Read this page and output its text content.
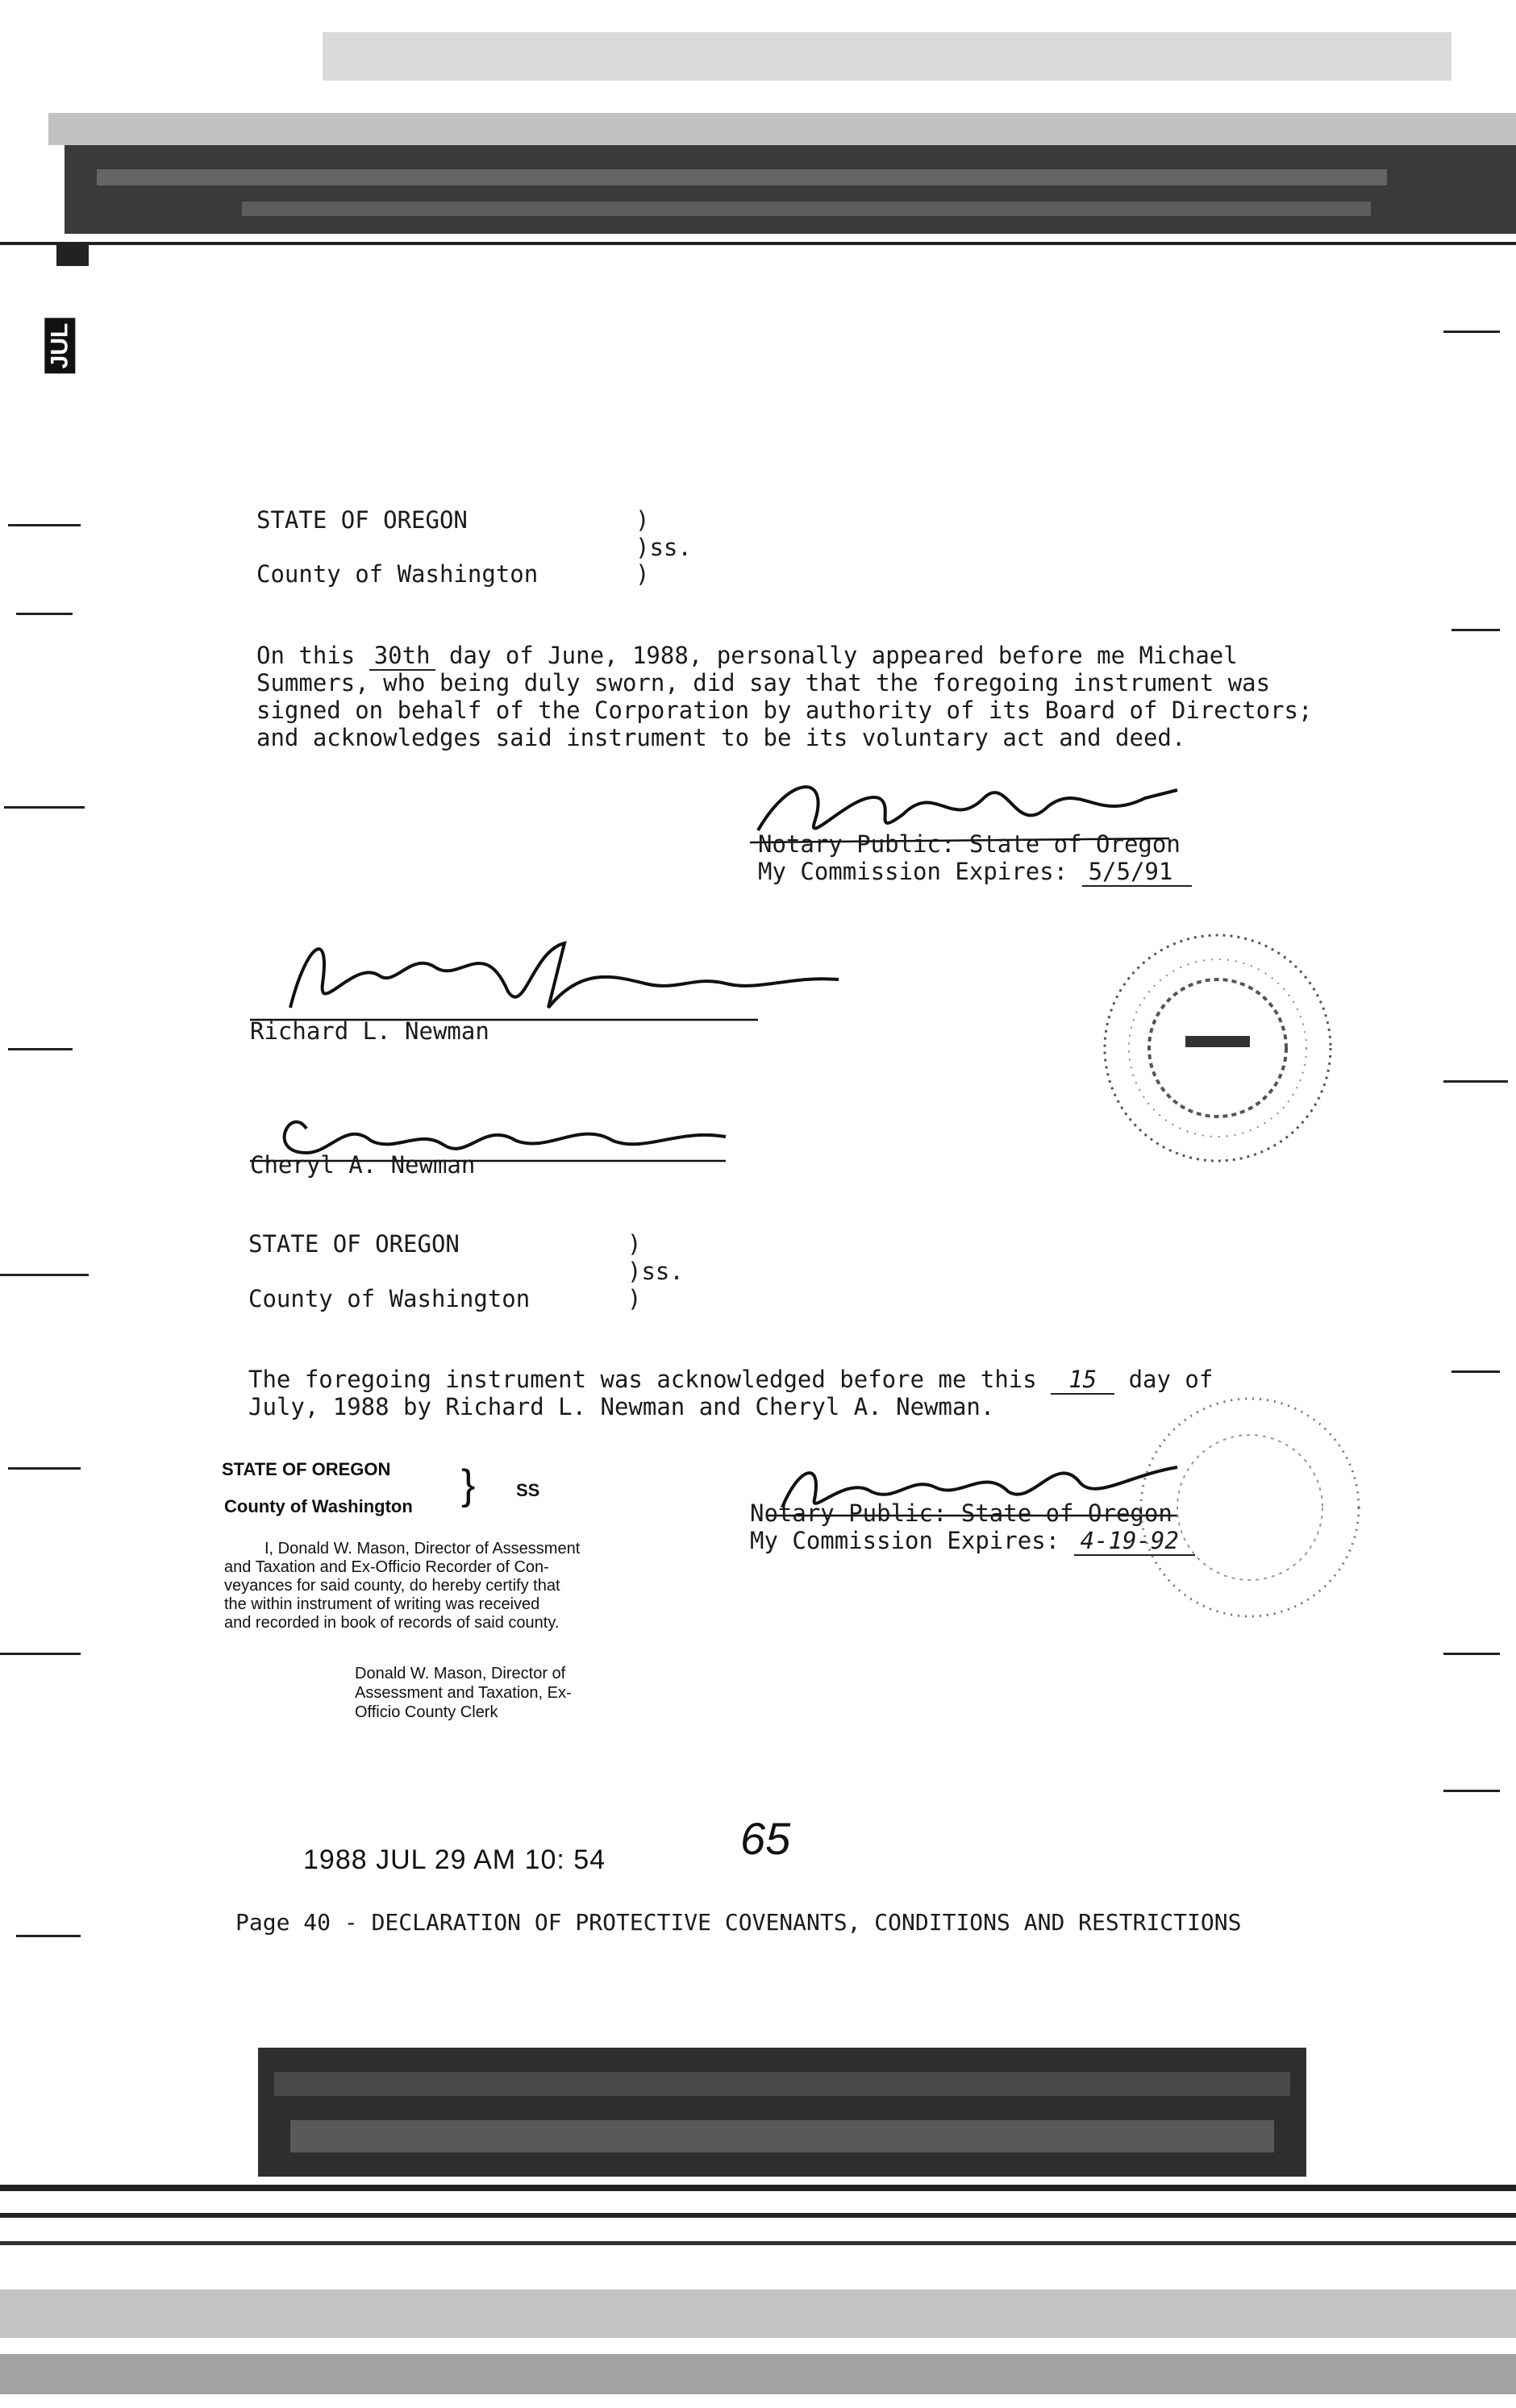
JUL
STATE OF OREGON	)
)ss.
County of Washington	)
On this 30th day of June, 1988, personally appeared before me Michael
Summers, who being duly sworn, did say that the foregoing instrument was
signed on behalf of the Corporation by authority of its Board of Directors;
and acknowledges said instrument to be its voluntary act and deed.
Notary Public: State of Oregon
My Commission Expires: 5/5/91
Richard L. Newman
Cheryl A. Newman
STATE OF OREGON	)
)ss.
County of Washington	)
The foregoing instrument was acknowledged before me this 15 day of
July, 1988 by Richard L. Newman and Cheryl A. Newman.
Notary Public: State of Oregon
My Commission Expires: 4-19-92
STATE OF OREGON
County of Washington } SS
I, Donald W. Mason, Director of Assessment
and Taxation and Ex-Officio Recorder of Con-
veyances for said county, do hereby certify that
the within instrument of writing was received
and recorded in book of records of said county.
Donald W. Mason, Director of
Assessment and Taxation, Ex-
Officio County Clerk
1988 JUL 29 AM 10: 54	65
Page 40 - DECLARATION OF PROTECTIVE COVENANTS, CONDITIONS AND RESTRICTIONS
